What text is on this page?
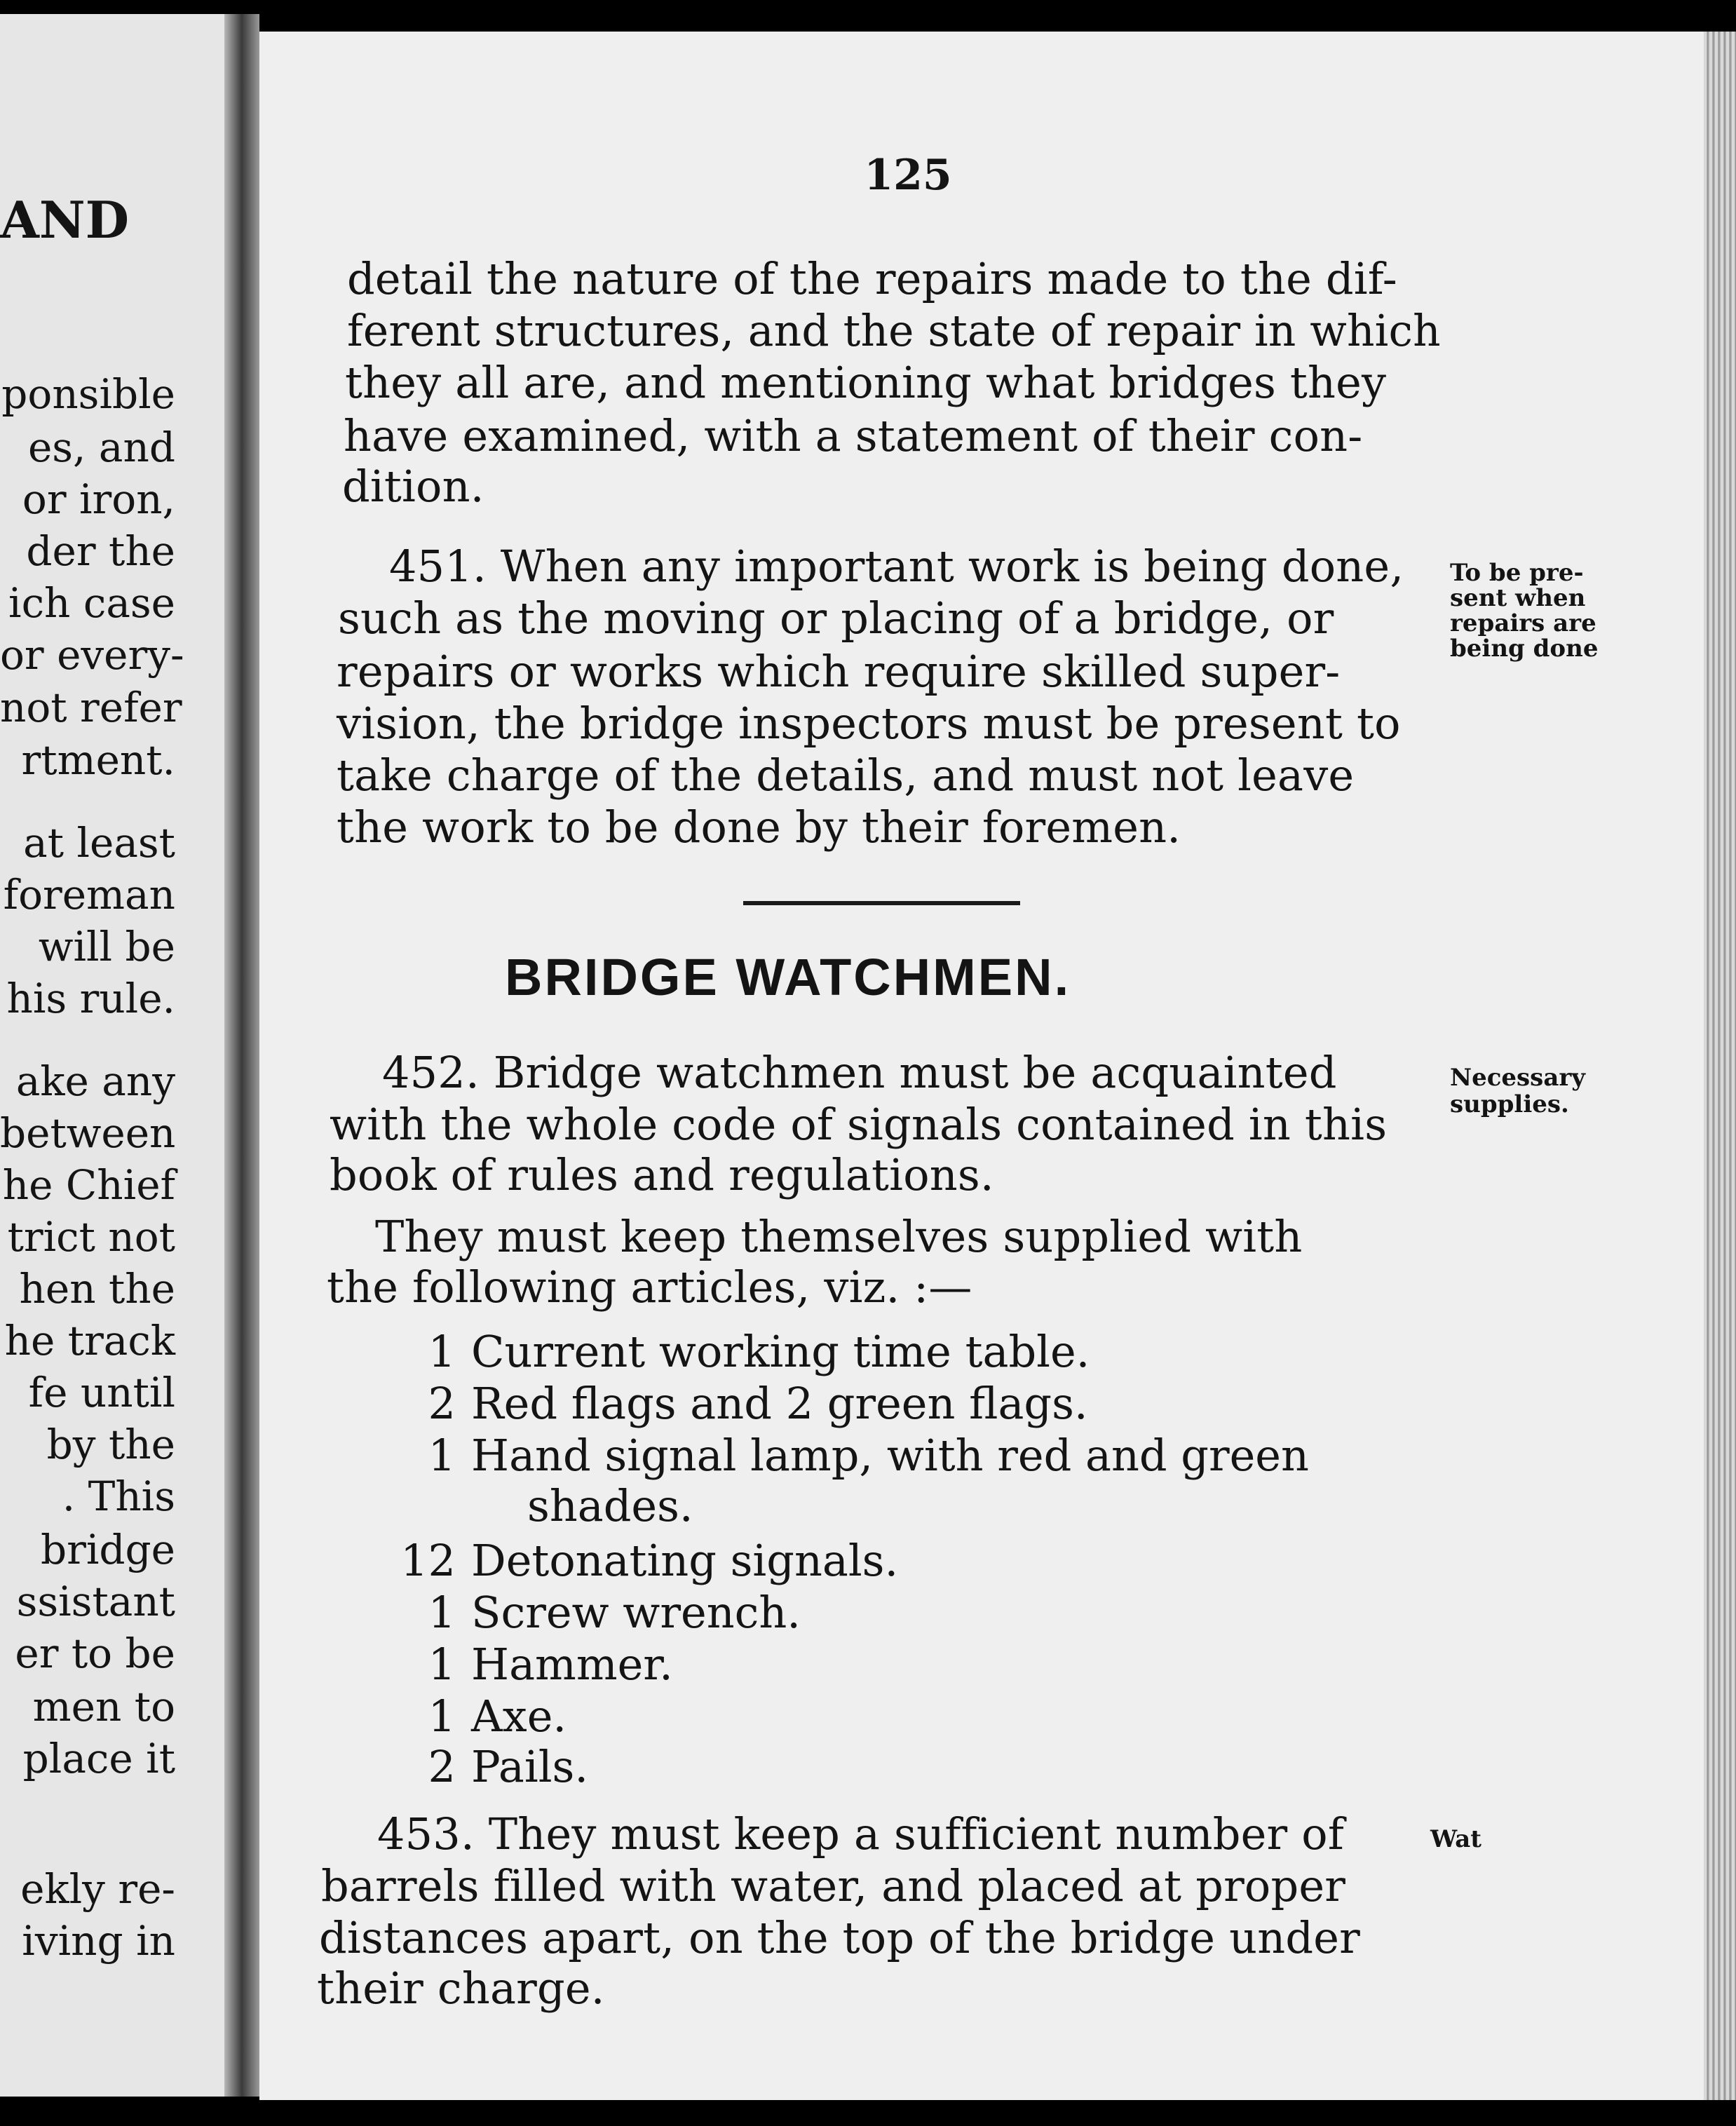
AND
ponsible
es, and
or iron,
der the
ich case
or every-
not refer
rtment.
at least
foreman
will be
his rule.
ake any
between
he Chief
trict not
hen the
he track
fe until
by the
. This
bridge
ssistant
er to be
men to
place it
ekly re-
iving in
125
detail the nature of the repairs made to the dif-
ferent structures, and the state of repair in which
they all are, and mentioning what bridges they
have examined, with a statement of their con-
dition.
451. When any important work is being done,
such as the moving or placing of a bridge, or
repairs or works which require skilled super-
vision, the bridge inspectors must be present to
take charge of the details, and must not leave
the work to be done by their foremen.
To be pre-
sent when
repairs are
being done
BRIDGE WATCHMEN.
452. Bridge watchmen must be acquainted
with the whole code of signals contained in this
book of rules and regulations.
Necessary
supplies.
They must keep themselves supplied with
the following articles, viz. :—
1 Current working time table.
2 Red flags and 2 green flags.
1 Hand signal lamp, with red and green
shades.
12 Detonating signals.
1 Screw wrench.
1 Hammer.
1 Axe.
2 Pails.
453. They must keep a sufficient number of
barrels filled with water, and placed at proper
distances apart, on the top of the bridge under
their charge.
Wat
